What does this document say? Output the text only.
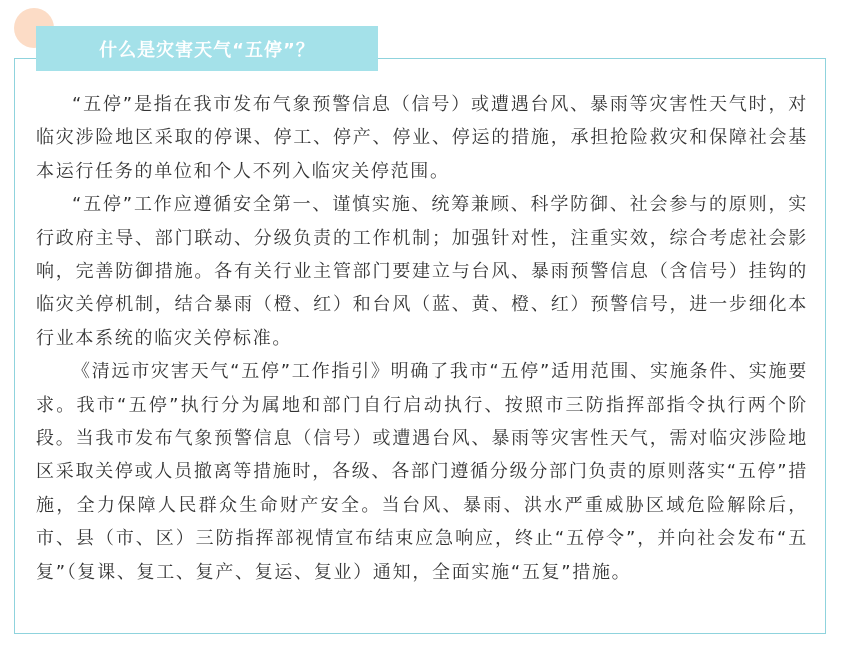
什么是灾害天气“五停”？

“五停”是指在我市发布气象预警信息（信号）或遭遇台风、暴雨等灾害性天气时，对临灾涉险地区采取的停课、停工、停产、停业、停运的措施，承担抢险救灾和保障社会基本运行任务的单位和个人不列入临灾关停范围。

“五停”工作应遵循安全第一、谨慎实施、统筹兼顾、科学防御、社会参与的原则，实行政府主导、部门联动、分级负责的工作机制；加强针对性，注重实效，综合考虑社会影响，完善防御措施。各有关行业主管部门要建立与台风、暴雨预警信息（含信号）挂钩的临灾关停机制，结合暴雨（橙、红）和台风（蓝、黄、橙、红）预警信号，进一步细化本行业本系统的临灾关停标准。

《清远市灾害天气“五停”工作指引》明确了我市“五停”适用范围、实施条件、实施要求。我市“五停”执行分为属地和部门自行启动执行、按照市三防指挥部指令执行两个阶段。当我市发布气象预警信息（信号）或遭遇台风、暴雨等灾害性天气，需对临灾涉险地区采取关停或人员撤离等措施时，各级、各部门遵循分级分部门负责的原则落实“五停”措施，全力保障人民群众生命财产安全。当台风、暴雨、洪水严重威胁区域危险解除后，市、县（市、区）三防指挥部视情宣布结束应急响应，终止“五停令”，并向社会发布“五复”（复课、复工、复产、复运、复业）通知，全面实施“五复”措施。
